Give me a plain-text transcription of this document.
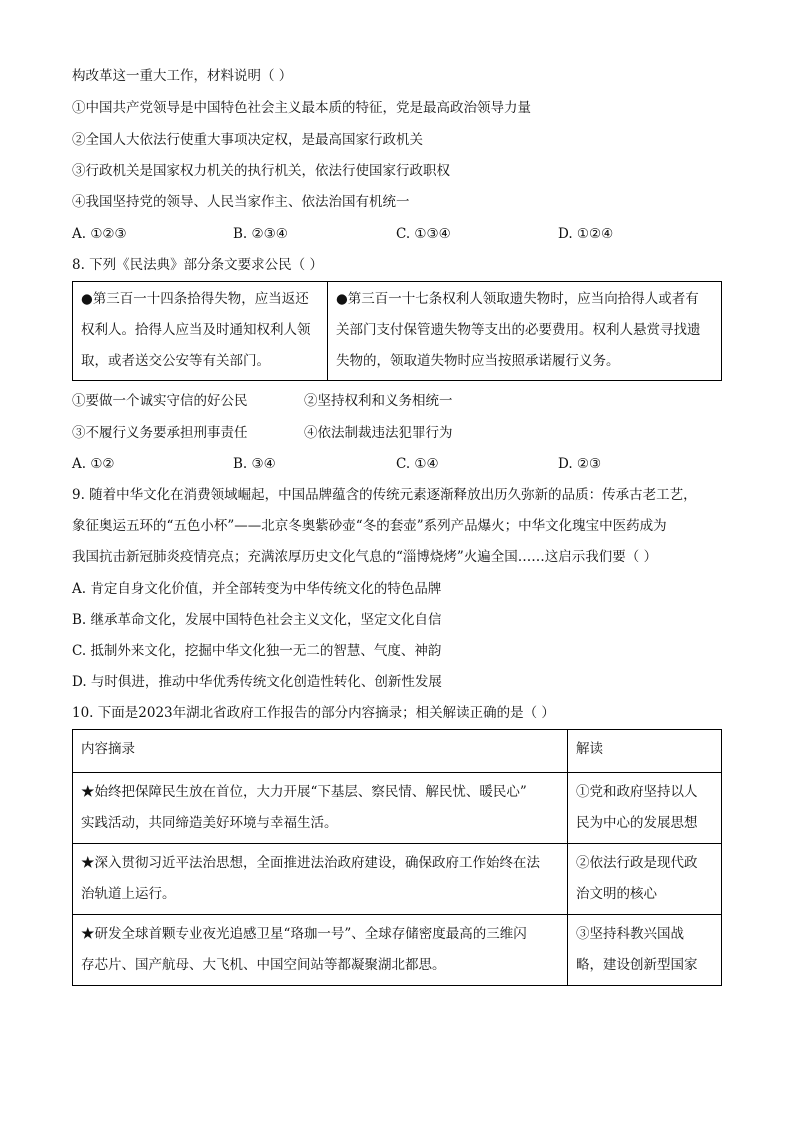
构改革这一重大工作，材料说明（ ）
①中国共产党领导是中国特色社会主义最本质的特征，党是最高政治领导力量
②全国人大依法行使重大事项决定权，是最高国家行政机关
③行政机关是国家权力机关的执行机关，依法行使国家行政职权
④我国坚持党的领导、人民当家作主、依法治国有机统一
A. ①②③	B. ②③④	C. ①③④	D. ①②④
8. 下列《民法典》部分条文要求公民（ ）
●第三百一十四条拾得失物，应当返还
权利人。拾得人应当及时通知权利人领
取，或者送交公安等有关部门。

●第三百一十七条权利人领取遗失物时，应当向拾得人或者有
关部门支付保管遗失物等支出的必要费用。权利人悬赏寻找遗
失物的，领取道失物时应当按照承诺履行义务。
①要做一个诚实守信的好公民	②坚持权利和义务相统一
③不履行义务要承担刑事责任	④依法制裁违法犯罪行为
A. ①②	B. ③④	C. ①④	D. ②③
9. 随着中华文化在消费领域崛起，中国品牌蕴含的传统元素逐渐释放出历久弥新的品质：传承古老工艺，
象征奥运五环的“五色小杯”——北京冬奥紫砂壶“冬的套壶”系列产品爆火；中华文化瑰宝中医药成为
我国抗击新冠肺炎疫情亮点；充满浓厚历史文化气息的“淄博烧烤”火遍全国……这启示我们要（ ）
A. 肯定自身文化价值，并全部转变为中华传统文化的特色品牌
B. 继承革命文化，发展中国特色社会主义文化，坚定文化自信
C. 抵制外来文化，挖掘中华文化独一无二的智慧、气度、神韵
D. 与时俱进，推动中华优秀传统文化创造性转化、创新性发展
10. 下面是2023年湖北省政府工作报告的部分内容摘录；相关解读正确的是（ ）
内容摘录	解读

★始终把保障民生放在首位，大力开展“下基层、察民情、解民忧、暖民心”
实践活动，共同缔造美好环境与幸福生活。	①党和政府坚持以人
民为中心的发展思想

★深入贯彻习近平法治思想，全面推进法治政府建设，确保政府工作始终在法
治轨道上运行。	②依法行政是现代政
治文明的核心

★研发全球首颗专业夜光追感卫星“珞珈一号”、全球存储密度最高的三维闪
存芯片、国产航母、大飞机、中国空间站等都凝聚湖北都思。	③坚持科教兴国战
略，建设创新型国家
